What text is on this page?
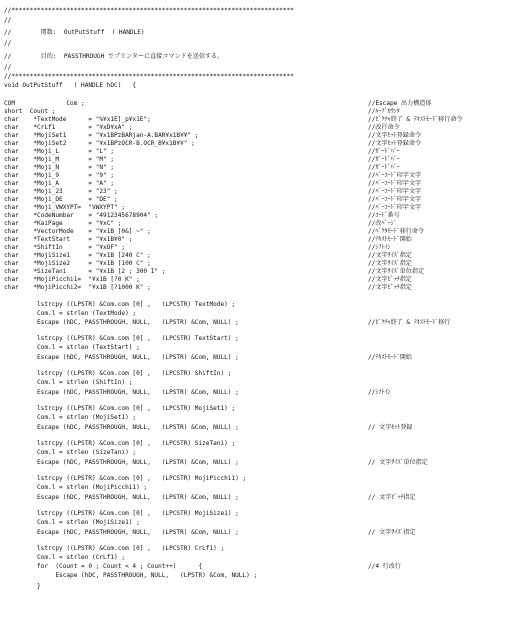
//*****************************************************************************
//
//        関数:  OutPutStuff  ( HANDLE)
//
//        目的:  PASSTHROUGH でプリンターに直接コマンドを送信する。
//
//*****************************************************************************
void OutPutStuff   ( HANDLE hDC)   {
COM              Com ;	//Escape 出力構造体
short  Count ;	//ﾙｰﾌﾟｶｳﾝﾀ
char    *TextMode      = "%¥x1E]_p¥x1E";	//ﾋﾞｸﾁｬ終了 & ﾃｷｽﾄﾓｰﾄﾞ移行命令
char    *CrLf1         = "¥xD¥xA" ;	//改行命令
char    *MojiSet1      = "¥x1BPzBARjan-A.BAR¥x1B¥¥" ;	//文字ｾｯﾄ登録命令
char    *MojiSet2      = "¥x1BPzOCR-B.OCR_B¥x1B¥¥" ;	//文字ｾｯﾄ登録命令
char    *Moji_L        = "L" ;	//ｶﾞｰﾄﾞﾊﾞｰ
char    *Moji_M        = "M" ;	//ｶﾞｰﾄﾞﾊﾞｰ
char    *Moji_N        = "N" ;	//ｶﾞｰﾄﾞﾊﾞｰ
char    *Moji_9        = "9" ;	//ﾊﾞｰｺｰﾄﾞ印字文字
char    *Moji_A        = "A" ;	//ﾊﾞｰｺｰﾄﾞ印字文字
char    *Moji_23       = "23" ;	//ﾊﾞｰｺｰﾄﾞ印字文字
char    *Moji_DE       = "DE" ;	//ﾊﾞｰｺｰﾄﾞ印字文字
char    *Moji_VWXYPT=  "VWXYPT" ;	//ﾊﾞｰｺｰﾄﾞ印字文字
char    *CodeNumbar    = "4912345678904" ;	//ｺｰﾄﾞ番号
char    *KaiPage       = "¥xC" ;	//改ﾍﾟｰｼﾞ
char    *VectorMode    = "¥x1B [0&] ~" ;	//ﾍﾞｸﾀﾓｰﾄﾞ移行命令
char    *TextStart     = "¥x1B¥0" ;	//ﾃｷｽﾄﾓｰﾄﾞ開始
char    *ShiftIn       = "¥xOF" ;	//ｼﾌﾄｲﾝ
char    *MojiSize1     = "¥x1B [240 C" ;	//文字ｻｲｽﾞ指定
char    *MojiSize2     = "¥x1B [100 C" ;	//文字ｻｲｽﾞ指定
char    *SizeTani      = "¥x1B [2 ; 300 I" ;	//文字ｻｲｽﾞ単位指定
char    *MojiPicchi1=  "¥x1B [?0 K" ;	//文字ﾋﾟｯﾁ指定
char    *MojiPicchi2=  "¥x1B [?1000 K" ;	//文字ﾋﾟｯﾁ指定
lstrcpy ((LPSTR) &Com.com [0] ,   (LPCSTR) TextMode) ;
Com.l = strlen (TextMode) ;
Escape (hDC, PASSTHROUGH, NULL,   (LPSTR) &Com, NULL) ;	//ﾋﾞｸﾁｬ終了 & ﾃｷｽﾄﾓｰﾄﾞ移行
lstrcpy ((LPSTR) &Com.com [0] ,   (LPCSTR) TextStart) ;
Com.l = strlen (TextStart) ;
Escape (hDC, PASSTHROUGH, NULL,   (LPSTR) &Com, NULL) ;	//ﾃｷｽﾄﾓｰﾄﾞ開始
lstrcpy ((LPSTR) &Com.com [0] ,   (LPCSTR) ShiftIn) ;
Com.l = strlen (ShiftIn) ;
Escape (hDC, PASSTHROUGH, NULL,   (LPSTR) &Com, NULL) ;	//ｼﾌﾄｲﾝ
lstrcpy ((LPSTR) &Com.com [0] ,   (LPCSTR) MojiSet1) ;
Com.l = strlen (MojiSet1) ;
Escape (hDC, PASSTHROUGH, NULL,   (LPSTR) &Com, NULL) ;	// 文字ｾｯﾄ登録
lstrcpy ((LPSTR) &Com.com [0] ,   (LPCSTR) SizeTani) ;
Com.l = strlen (SizeTani) ;
Escape (hDC, PASSTHROUGH, NULL,   (LPSTR) &Com, NULL) ;	// 文字ｻｲｽﾞ単位指定
lstrcpy ((LPSTR) &Com.com [0] ,   (LPCSTR) MojiPicchi1) ;
Com.l = strlen (MojiPicchi1) ;
Escape (hDC, PASSTHROUGH, NULL,   (LPSTR) &Com, NULL) ;	// 文字ﾋﾟｯﾁ指定
lstrcpy ((LPSTR) &Com.com [0] ,   (LPCSTR) MojiSize1) ;
Com.l = strlen (MojiSize1) ;
Escape (hDC, PASSTHROUGH, NULL,   (LPSTR) &Com, NULL) ;	// 文字ｻｲｽﾞ指定
lstrcpy ((LPSTR) &Com.com [0] ,   (LPCSTR) CrLf1) ;
Com.l = strlen (CrLf1) ;
for  (Count = 0 ; Count < 4 ; Count++)      {	//4 行改行
Escape (hDC, PASSTHROUGH, NULL,   (LPSTR) &Com, NULL) ;
}
